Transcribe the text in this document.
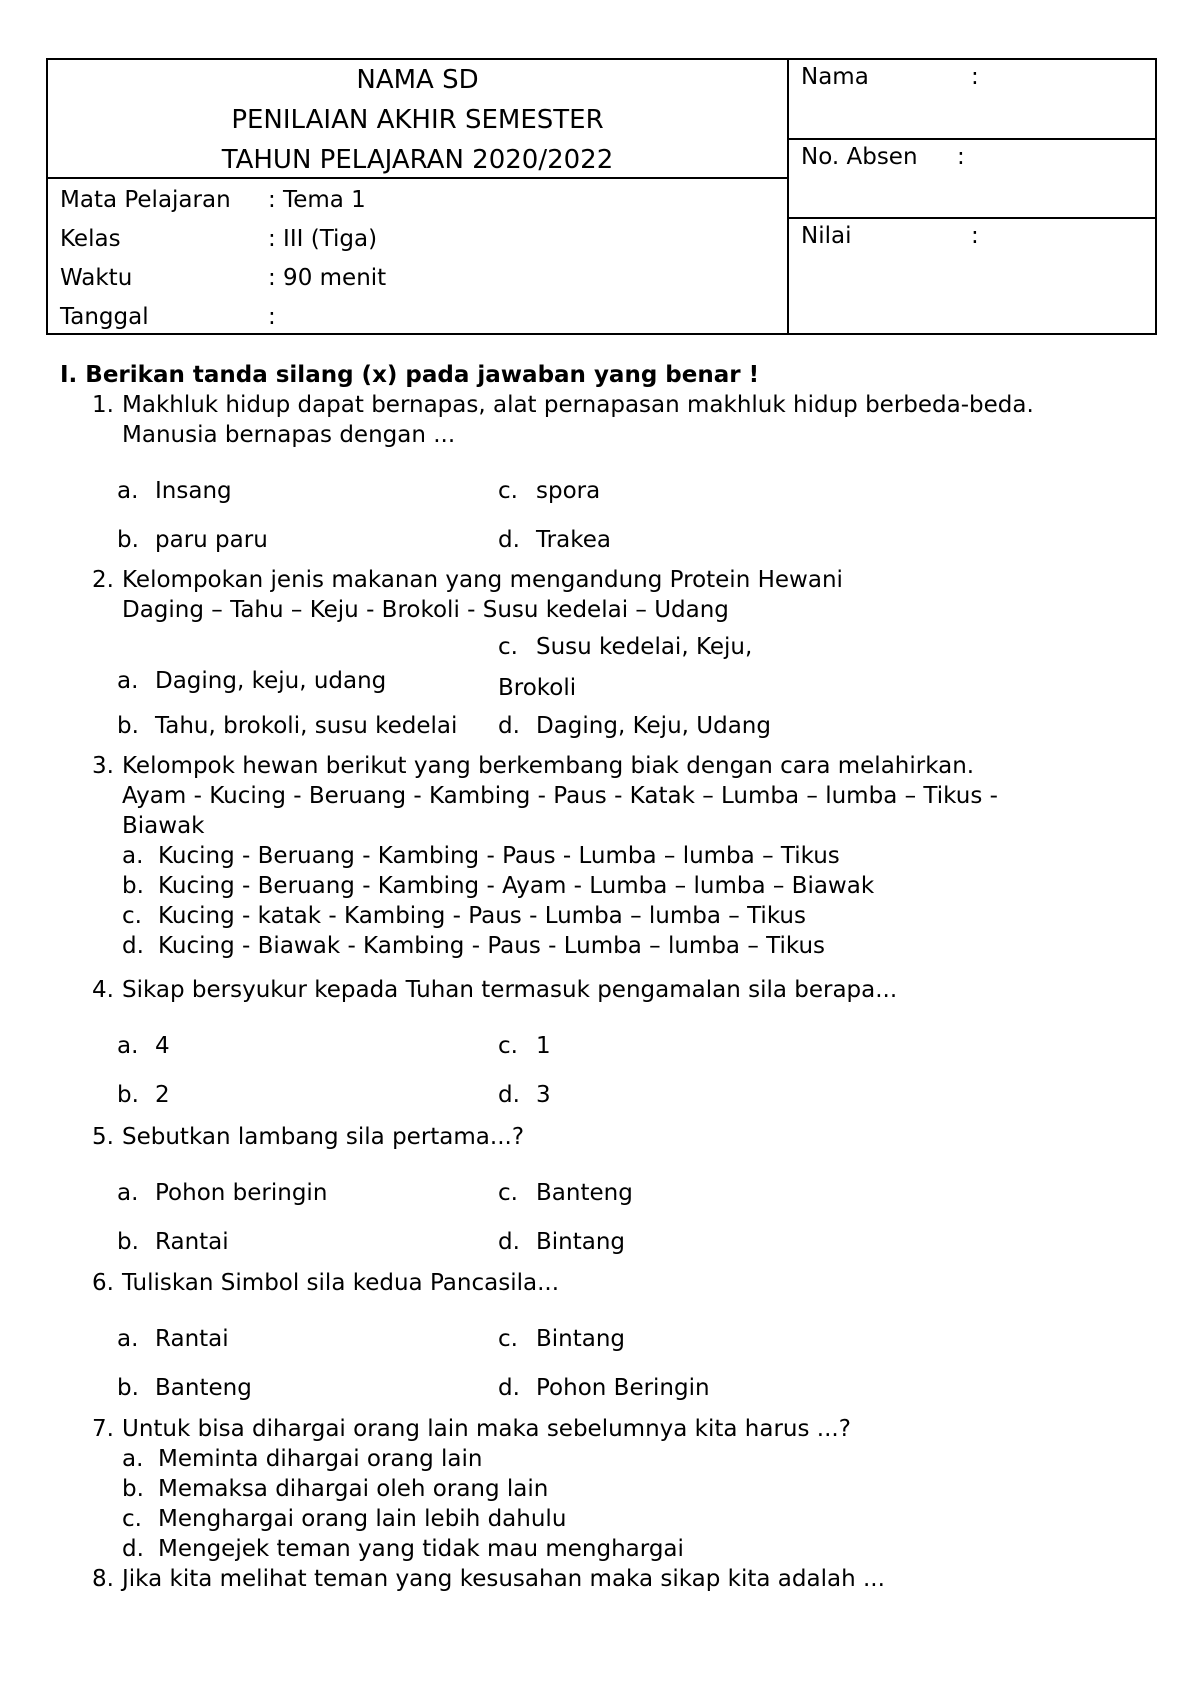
NAMA SD
PENILAIAN AKHIR SEMESTER
TAHUN PELAJARAN 2020/2022
Mata Pelajaran	: Tema 1
Kelas	: III (Tiga)
Waktu	: 90 menit
Tanggal	:
Nama	:
No. Absen :
Nilai	:
I. Berikan tanda silang (x) pada jawaban yang benar !
1. Makhluk hidup dapat bernapas, alat pernapasan makhluk hidup berbeda-beda.
Manusia bernapas dengan ...
a. Insang	c. spora
b. paru paru	d. Trakea
2. Kelompokan jenis makanan yang mengandung Protein Hewani
Daging – Tahu – Keju - Brokoli - Susu kedelai – Udang
a. Daging, keju, udang
c. Susu kedelai, Keju,
Brokoli
b. Tahu, brokoli, susu kedelai d. Daging, Keju, Udang
3. Kelompok hewan berikut yang berkembang biak dengan cara melahirkan.
Ayam - Kucing - Beruang - Kambing - Paus - Katak – Lumba – lumba – Tikus -
Biawak
a. Kucing - Beruang - Kambing - Paus - Lumba – lumba – Tikus
b. Kucing - Beruang - Kambing - Ayam - Lumba – lumba – Biawak
c. Kucing - katak - Kambing - Paus - Lumba – lumba – Tikus
d. Kucing - Biawak - Kambing - Paus - Lumba – lumba – Tikus
4. Sikap bersyukur kepada Tuhan termasuk pengamalan sila berapa...
a. 4	c. 1
b. 2	d. 3
5. Sebutkan lambang sila pertama...?
a. Pohon beringin	c. Banteng
b. Rantai	d. Bintang
6. Tuliskan Simbol sila kedua Pancasila...
a. Rantai	c. Bintang
b. Banteng	d. Pohon Beringin
7. Untuk bisa dihargai orang lain maka sebelumnya kita harus ...?
a. Meminta dihargai orang lain
b. Memaksa dihargai oleh orang lain
c. Menghargai orang lain lebih dahulu
d. Mengejek teman yang tidak mau menghargai
8. Jika kita melihat teman yang kesusahan maka sikap kita adalah ...
